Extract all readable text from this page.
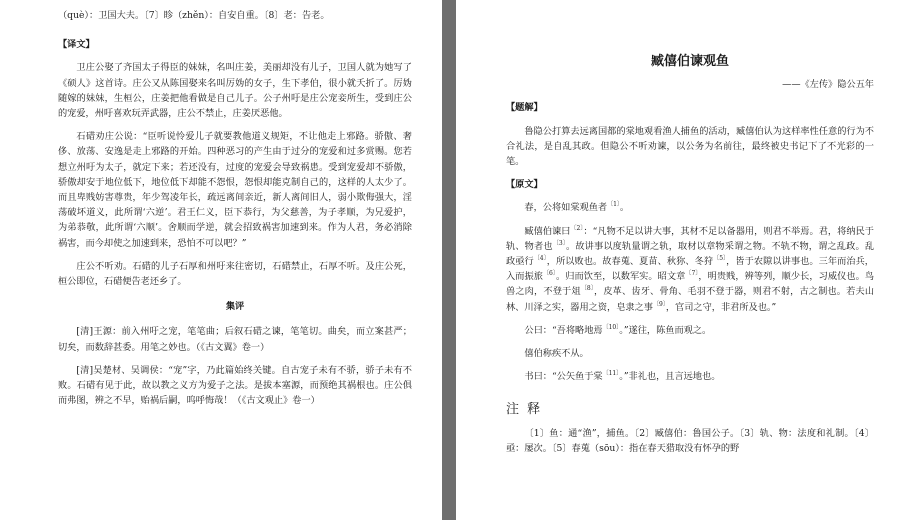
（què）：卫国大夫。〔7〕眕（zhěn）：自安自重。〔8〕老：告老。

【译文】

卫庄公娶了齐国太子得臣的妹妹，名叫庄姜，美丽却没有儿子，卫国人就为她写了《硕人》这首诗。庄公又从陈国娶来名叫厉妫的女子，生下孝伯，很小就夭折了。厉妫随嫁的妹妹，生桓公，庄姜把他看做是自己儿子。公子州吁是庄公宠妾所生，受到庄公的宠爱，州吁喜欢玩弄武器，庄公不禁止，庄姜厌恶他。

石碏劝庄公说：“臣听说怜爱儿子就要教他道义规矩，不让他走上邪路。骄傲、奢侈、放荡、安逸是走上邪路的开始。四种恶习的产生由于过分的宠爱和过多赏赐。您若想立州吁为太子，就定下来；若还没有，过度的宠爱会导致祸患。受到宠爱却不骄傲，骄傲却安于地位低下，地位低下却能不怨恨，怨恨却能克制自己的，这样的人太少了。而且卑贱妨害尊贵，年少驾凌年长，疏远离间亲近，新人离间旧人，弱小欺侮强大，淫荡破坏道义，此所谓‘六逆’。君王仁义，臣下恭行，为父慈善，为子孝顺，为兄爱护，为弟恭敬，此所谓‘六顺’。舍顺而学逆，就会招致祸害加速到来。作为人君，务必消除祸害，而今却使之加速到来，恐怕不可以吧？”

庄公不听劝。石碏的儿子石厚和州吁来往密切，石碏禁止，石厚不听。及庄公死，桓公即位，石碏便告老还乡了。

集评

[清]王源：前入州吁之宠，笔笔曲；后叙石碏之谏，笔笔切。曲矣，而立案甚严；切矣，而数辞甚委。用笔之妙也。（《古文翼》卷一）

[清]吴楚材、吴调侯：“宠”字，乃此篇始终关键。自古宠子未有不骄，骄子未有不败。石碏有见于此，故以教之义方为爱子之法。是拔本塞源，而预绝其祸根也。庄公俱而弗图，辨之不早，贻祸后嗣，呜呼悔哉！（《古文观止》卷一）

臧僖伯谏观鱼
——《左传》隐公五年
【题解】

鲁隐公打算去远离国都的棠地观看渔人捕鱼的活动，臧僖伯认为这样率性任意的行为不合礼法，是自乱其政。但隐公不听劝谏，以公务为名前往，最终被史书记下了不光彩的一笔。

【原文】

春，公将如棠观鱼者$^{〔1〕}$。

臧僖伯谏曰$^{〔2〕}$：“凡物不足以讲大事，其材不足以备器用，则君不举焉。君，将纳民于轨、物者也$^{〔3〕}$。故讲事以度轨量谓之轨，取材以章物采谓之物。不轨不物，谓之乱政。乱政亟行$^{〔4〕}$，所以败也。故春蒐、夏苗、秋狝、冬狩$^{〔5〕}$，皆于农隙以讲事也。三年而治兵，入而振旅$^{〔6〕}$。归而饮至，以数军实。昭文章$^{〔7〕}$，明贵贱，辨等列，顺少长，习威仪也。鸟兽之肉，不登于俎$^{〔8〕}$，皮革、齿牙、骨角、毛羽不登于器，则君不射，古之制也。若夫山林、川泽之实，器用之资，皂隶之事$^{〔9〕}$，官司之守，非君所及也。”

公曰：“吾将略地焉$^{〔10〕}$。”遂往，陈鱼而观之。

僖伯称疾不从。

书曰：“公矢鱼于棠$^{〔11〕}$。”非礼也，且言远地也。

注 释

〔1〕鱼：通“渔”，捕鱼。〔2〕臧僖伯：鲁国公子。〔3〕轨、物：法度和礼制。〔4〕亟：屡次。〔5〕春蒐（sōu）：指在春天猎取没有怀孕的野
